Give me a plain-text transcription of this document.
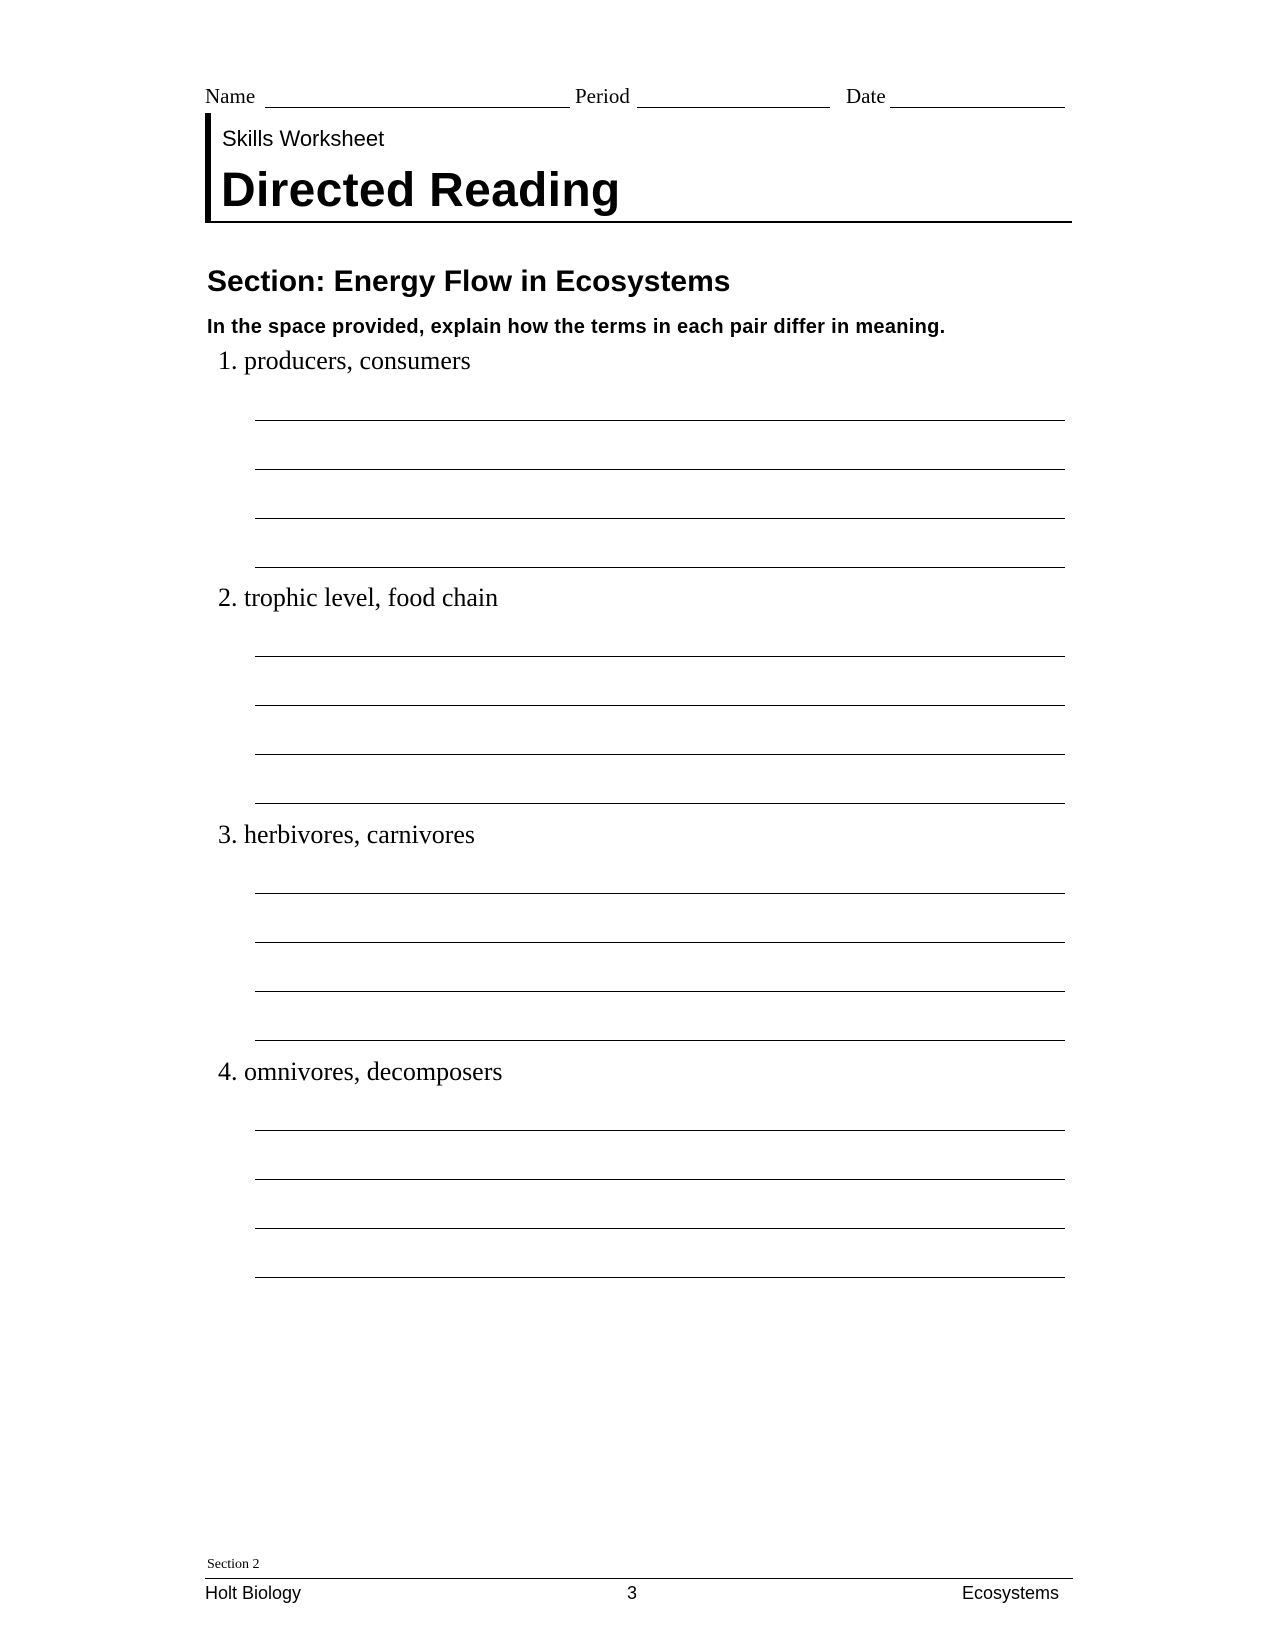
Name	Period	Date
Skills Worksheet
Directed Reading
Section: Energy Flow in Ecosystems
In the space provided, explain how the terms in each pair differ in meaning.
1. producers, consumers
2. trophic level, food chain
3. herbivores, carnivores
4. omnivores, decomposers
Section 2
Holt Biology	3	Ecosystems
